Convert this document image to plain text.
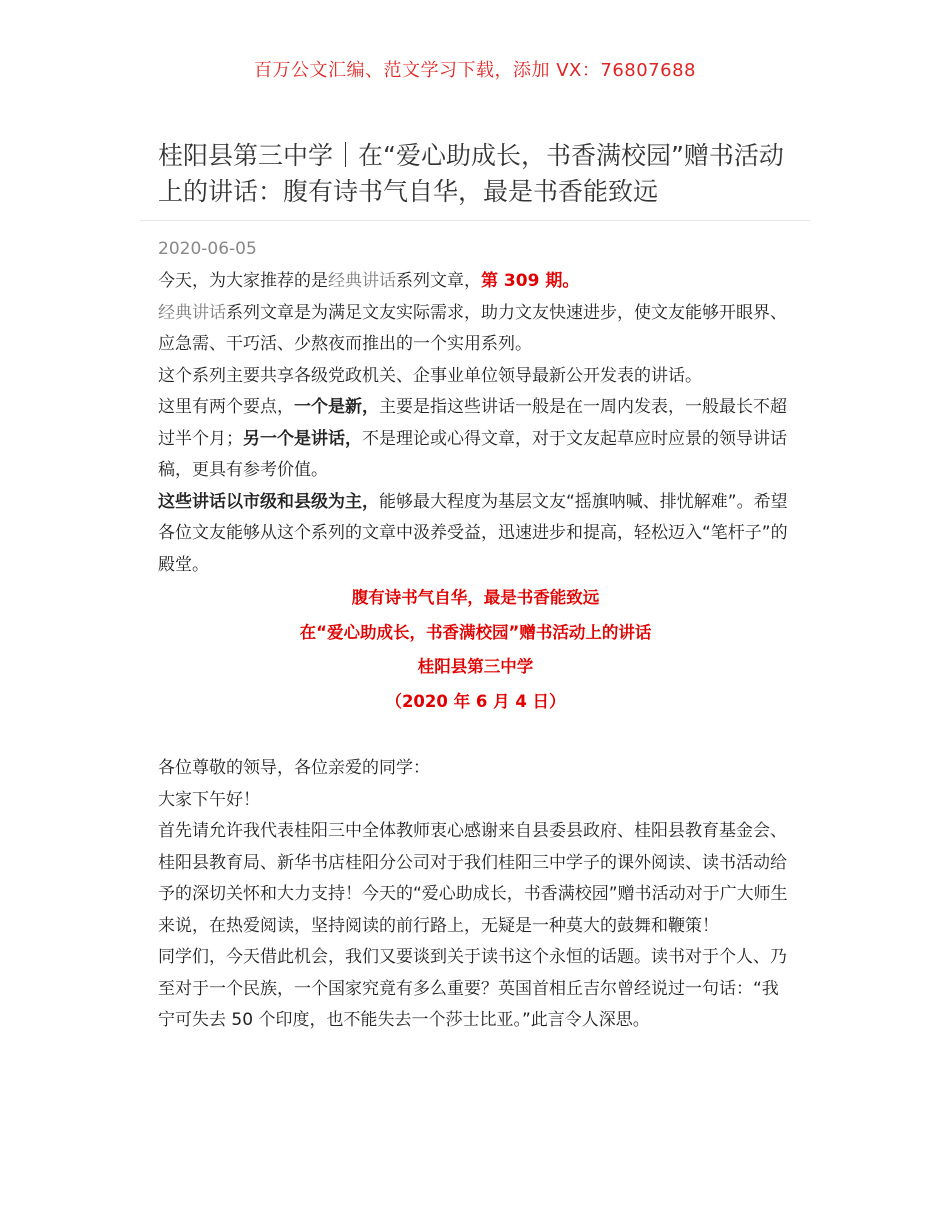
百万公文汇编、范文学习下载，添加 VX：76807688
桂阳县第三中学｜在“爱心助成长，书香满校园”赠书活动上的讲话：腹有诗书气自华，最是书香能致远
2020-06-05

今天，为大家推荐的是经典讲话系列文章，第 309 期。

经典讲话系列文章是为满足文友实际需求，助力文友快速进步，使文友能够开眼界、应急需、干巧活、少熬夜而推出的一个实用系列。

这个系列主要共享各级党政机关、企事业单位领导最新公开发表的讲话。

这里有两个要点，一个是新，主要是指这些讲话一般是在一周内发表，一般最长不超过半个月；另一个是讲话，不是理论或心得文章，对于文友起草应时应景的领导讲话稿，更具有参考价值。

这些讲话以市级和县级为主，能够最大程度为基层文友“摇旗呐喊、排忧解难”。希望各位文友能够从这个系列的文章中汲养受益，迅速进步和提高，轻松迈入“笔杆子”的殿堂。

腹有诗书气自华，最是书香能致远

在“爱心助成长，书香满校园”赠书活动上的讲话

桂阳县第三中学

（2020 年 6 月 4 日）

各位尊敬的领导，各位亲爱的同学：

大家下午好！

首先请允许我代表桂阳三中全体教师衷心感谢来自县委县政府、桂阳县教育基金会、桂阳县教育局、新华书店桂阳分公司对于我们桂阳三中学子的课外阅读、读书活动给予的深切关怀和大力支持！今天的“爱心助成长，书香满校园”赠书活动对于广大师生来说，在热爱阅读，坚持阅读的前行路上，无疑是一种莫大的鼓舞和鞭策！

同学们，今天借此机会，我们又要谈到关于读书这个永恒的话题。读书对于个人、乃至对于一个民族，一个国家究竟有多么重要？英国首相丘吉尔曾经说过一句话：“我宁可失去 50 个印度，也不能失去一个莎士比亚。”此言令人深思。
